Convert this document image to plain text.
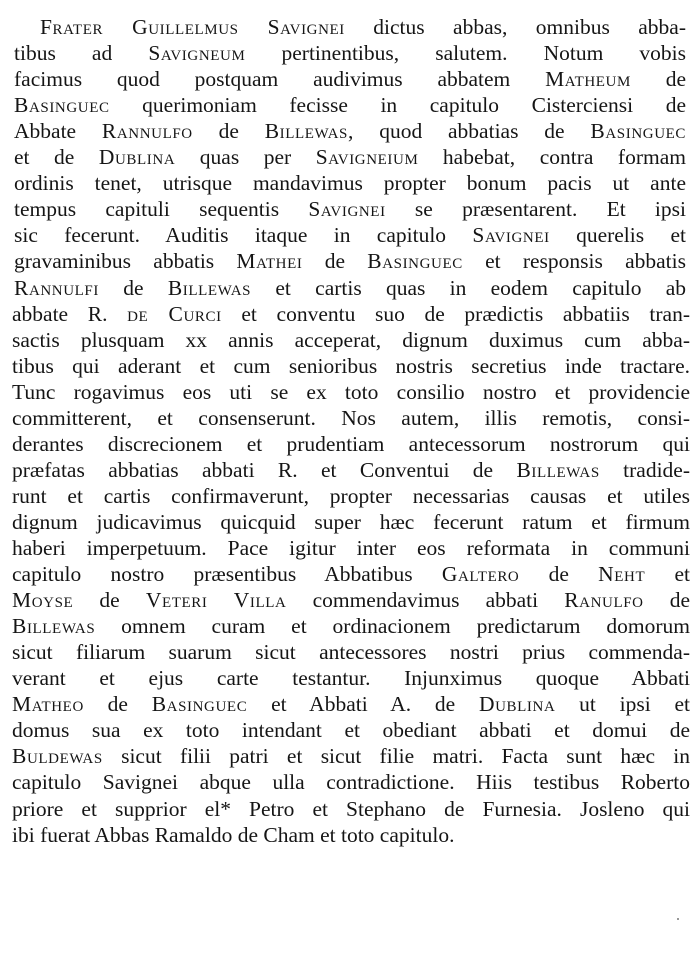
Frater Guillelmus Savignei dictus abbas, omnibus abba-
tibus ad Savigneum pertinentibus, salutem. Notum vobis
facimus quod postquam audivimus abbatem Matheum de
Basinguec querimoniam fecisse in capitulo Cisterciensi de
Abbate Rannulfo de Billewas, quod abbatias de Basinguec
et de Dublina quas per Savigneium habebat, contra formam
ordinis tenet, utrisque mandavimus propter bonum pacis ut ante
tempus capituli sequentis Savignei se præsentarent. Et ipsi
sic fecerunt. Auditis itaque in capitulo Savignei querelis et
gravaminibus abbatis Mathei de Basinguec et responsis abbatis
Rannulfi de Billewas et cartis quas in eodem capitulo ab
abbate R. de Curci et conventu suo de prædictis abbatiis tran-
sactis plusquam xx annis acceperat, dignum duximus cum abba-
tibus qui aderant et cum senioribus nostris secretius inde tractare.
Tunc rogavimus eos uti se ex toto consilio nostro et providencie
committerent, et consenserunt. Nos autem, illis remotis, consi-
derantes discrecionem et prudentiam antecessorum nostrorum qui
præfatas abbatias abbati R. et Conventui de Billewas tradide-
runt et cartis confirmaverunt, propter necessarias causas et utiles
dignum judicavimus quicquid super hæc fecerunt ratum et firmum
haberi imperpetuum. Pace igitur inter eos reformata in communi
capitulo nostro præsentibus Abbatibus Galtero de Neht et
Moyse de Veteri Villa commendavimus abbati Ranulfo de
Billewas omnem curam et ordinacionem predictarum domorum
sicut filiarum suarum sicut antecessores nostri prius commenda-
verant et ejus carte testantur. Injunximus quoque Abbati
Matheo de Basinguec et Abbati A. de Dublina ut ipsi et
domus sua ex toto intendant et obediant abbati et domui de
Buldewas sicut filii patri et sicut filie matri. Facta sunt hæc in
capitulo Savignei abque ulla contradictione. Hiis testibus Roberto
priore et supprior el* Petro et Stephano de Furnesia. Josleno qui
ibi fuerat Abbas Ramaldo de Cham et toto capitulo.
